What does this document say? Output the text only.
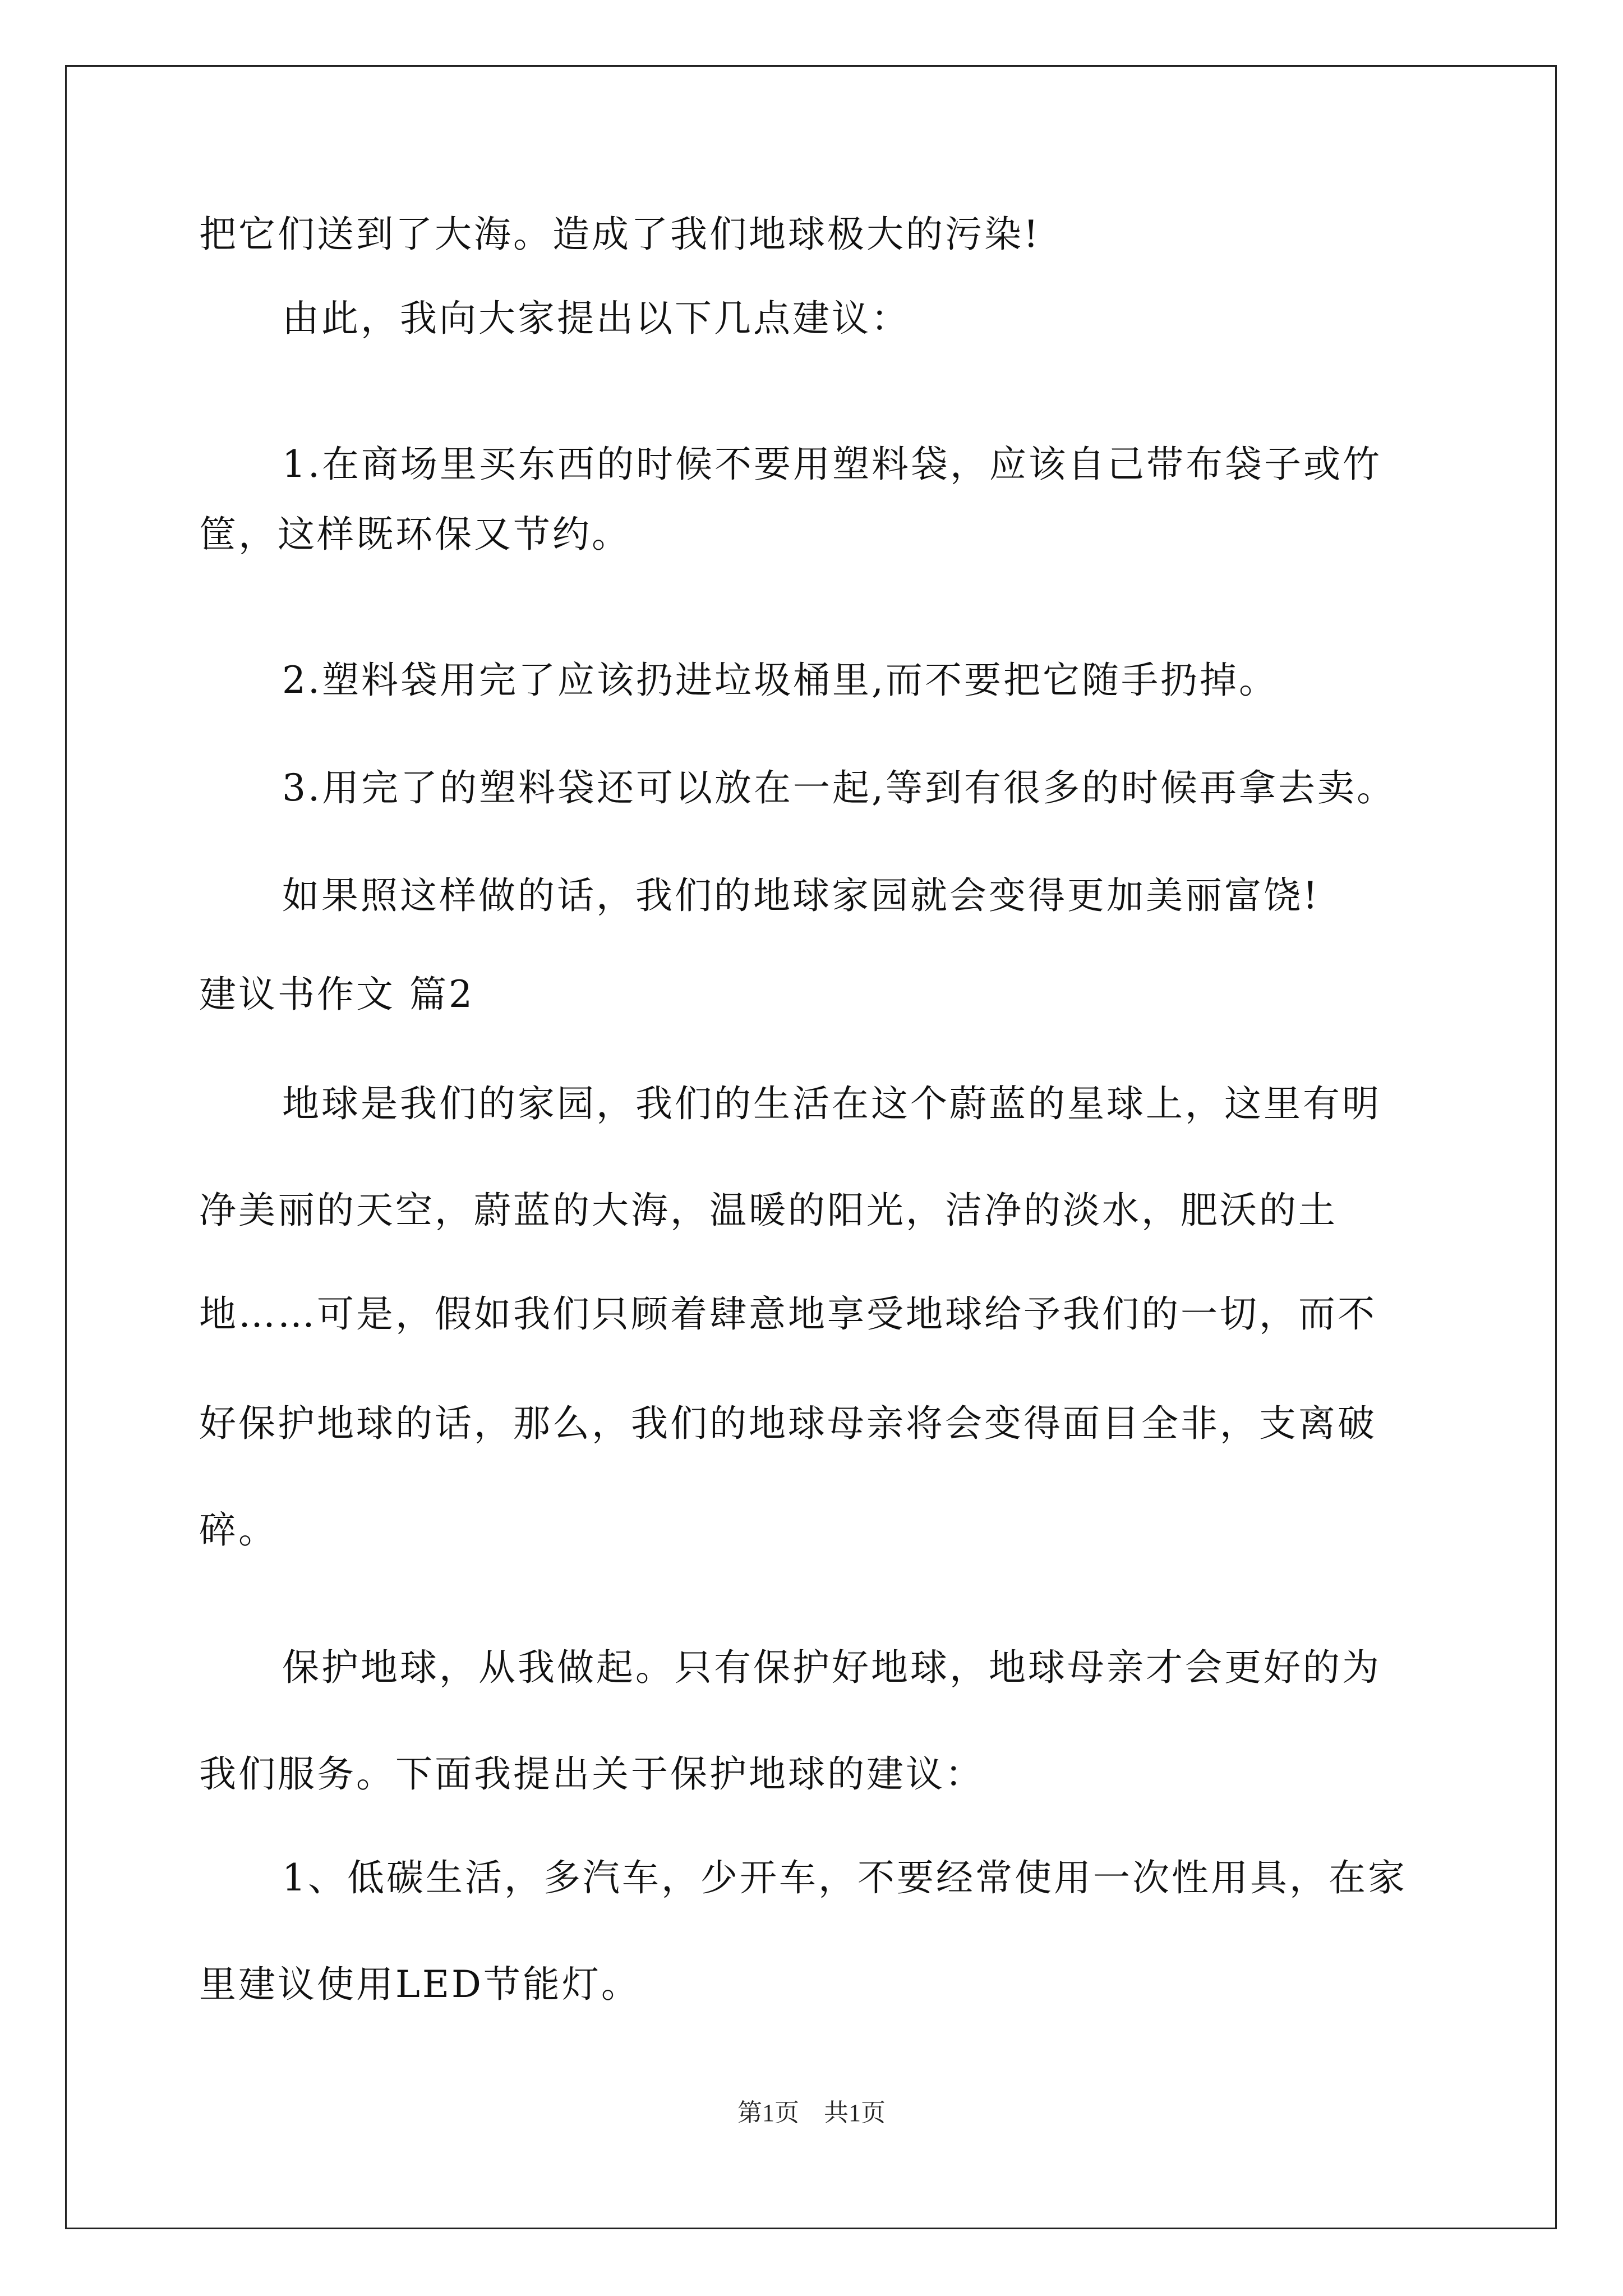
把它们送到了大海。造成了我们地球极大的污染!
由此，我向大家提出以下几点建议：
1.在商场里买东西的时候不要用塑料袋，应该自己带布袋子或竹
筐，这样既环保又节约。
2.塑料袋用完了应该扔进垃圾桶里,而不要把它随手扔掉。
3.用完了的塑料袋还可以放在一起,等到有很多的时候再拿去卖。
如果照这样做的话，我们的地球家园就会变得更加美丽富饶!
建议书作文 篇2
地球是我们的家园，我们的生活在这个蔚蓝的星球上，这里有明
净美丽的天空，蔚蓝的大海，温暖的阳光，洁净的淡水，肥沃的土
地……可是，假如我们只顾着肆意地享受地球给予我们的一切，而不
好保护地球的话，那么，我们的地球母亲将会变得面目全非，支离破
碎。
保护地球，从我做起。只有保护好地球，地球母亲才会更好的为
我们服务。下面我提出关于保护地球的建议：
1、低碳生活，多汽车，少开车，不要经常使用一次性用具，在家
里建议使用LED节能灯。
第1页　共1页
